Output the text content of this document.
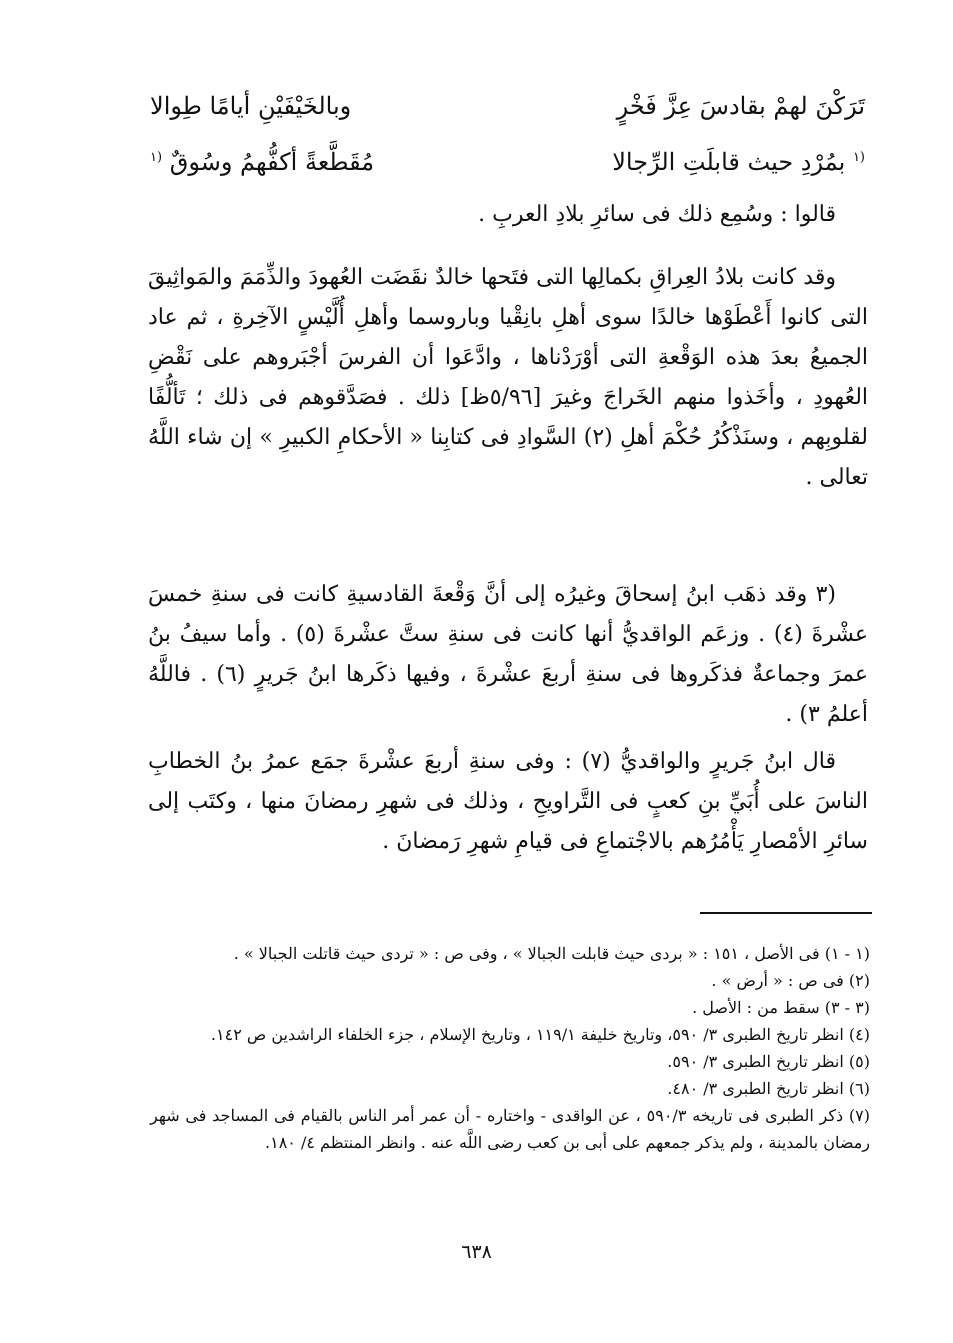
تَرَكْنَ لهمْ بقادسَ عِزَّ فَخْرٍ
وبالخَيْفَيْنِ أيامًا طِوالا
$^{(١}$ بمُرْدِ حيث قابلَتِ الرِّجالا
مُقَطَّعةً أكفُّهمُ وسُوقٌ $^{(١}$

قالوا : وسُمِع ذلك فى سائرِ بلادِ العربِ .

وقد كانت بلادُ العِراقِ بكمالِها التى فتَحها خالدٌ نقَضَت العُهودَ والذِّمَمَ والمَواثِيقَ التى كانوا أَعْطَوْها خالدًا سوى أهلِ بانِقْيا وباروسما وأهلِ أُلَّيْسٍ الآخِرةِ ، ثم عاد الجميعُ بعدَ هذه الوَقْعةِ التى أوْرَدْناها ، وادَّعَوا أن الفرسَ أجْبَروهم على نَقْضِ العُهودِ ، وأخَذوا منهم الخَراجَ وغيرَ [٥/٩٦ظ] ذلك . فصَدَّقوهم فى ذلك ؛ تَألُّفًا لقلوبِهم ، وسنَذْكُرُ حُكْمَ أهلِ (٢) السَّوادِ فى كتابِنا « الأحكامِ الكبيرِ » إن شاء اللَّهُ تعالى .

(٣ وقد ذهَب ابنُ إسحاقَ وغيرُه إلى أنَّ وَقْعةَ القادسيةِ كانت فى سنةِ خمسَ عشْرةَ (٤) . وزعَم الواقديُّ أنها كانت فى سنةِ ستَّ عشْرةَ (٥) . وأما سيفُ بنُ عمرَ وجماعةٌ فذكَروها فى سنةِ أربعَ عشْرةَ ، وفيها ذكَرها ابنُ جَريرٍ (٦) . فاللَّهُ أعلمُ ٣) .

قال ابنُ جَريرٍ والواقديُّ (٧) : وفى سنةِ أربعَ عشْرةَ جمَع عمرُ بنُ الخطابِ الناسَ على أُبَيِّ بنِ كعبٍ فى التَّراويحِ ، وذلك فى شهرِ رمضانَ منها ، وكتَب إلى سائرِ الأمْصارِ يَأْمُرُهم بالاجْتماعِ فى قيامِ شهرِ رَمضانَ .

(١ - ١) فى الأصل ، ١٥١ : « بردى حيث قابلت الجبالا » ، وفى ص : « تردى حيث قاتلت الجبالا » .

(٢) فى ص : « أرض » .

(٣ - ٣) سقط من : الأصل .

(٤) انظر تاريخ الطبرى ٣/ ٥٩٠، وتاريخ خليفة ١١٩/١ ، وتاريخ الإسلام ، جزء الخلفاء الراشدين ص ١٤٢.

(٥) انظر تاريخ الطبرى ٣/ ٥٩٠.

(٦) انظر تاريخ الطبرى ٣/ ٤٨٠.

(٧) ذكر الطبرى فى تاريخه ٥٩٠/٣ ، عن الواقدى - واختاره - أن عمر أمر الناس بالقيام فى المساجد فى شهر رمضان بالمدينة ، ولم يذكر جمعهم على أبى بن كعب رضى اللَّه عنه . وانظر المنتظم ٤/ ١٨٠.

٦٣٨
